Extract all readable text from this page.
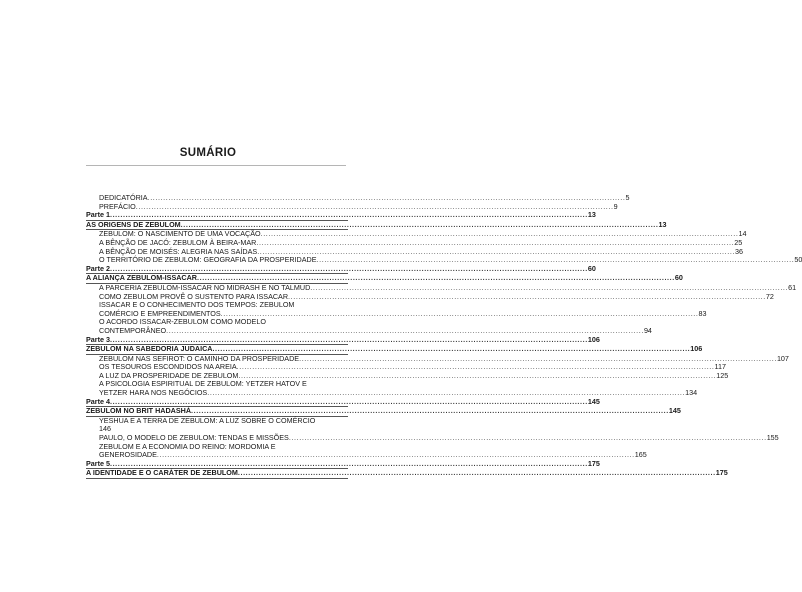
SUMÁRIO
DEDICATÓRIA .....	5
PREFÁCIO .....	9
Parte 1 .....	13
AS ORIGENS DE ZEBULOM .....	13
ZEBULOM: O NASCIMENTO DE UMA VOCAÇÃO .....	14
A BÊNÇÃO DE JACÓ: ZEBULOM À BEIRA-MAR .....	25
A BÊNÇÃO DE MOISÉS: ALEGRIA NAS SAÍDAS .....	36
O TERRITÓRIO DE ZEBULOM: GEOGRAFIA DA PROSPERIDADE .....	50
Parte 2 .....	60
A ALIANÇA ZEBULOM-ISSACAR .....	60
A PARCERIA ZEBULOM-ISSACAR NO MIDRASH E NO TALMUD .....	61
COMO ZEBULOM PROVÊ O SUSTENTO PARA ISSACAR .....	72
ISSACAR E O CONHECIMENTO DOS TEMPOS: ZEBULOM
COMÉRCIO E EMPREENDIMENTOS .....	83
O ACORDO ISSACAR-ZEBULOM COMO MODELO
CONTEMPORÂNEO .....	94
Parte 3 .....	106
ZEBULOM NA SABEDORIA JUDAICA .....	106
ZEBULOM NAS SEFIROT: O CAMINHO DA PROSPERIDADE .....	107
OS TESOUROS ESCONDIDOS NA AREIA .....	117
A LUZ DA PROSPERIDADE DE ZEBULOM .....	125
A PSICOLOGIA ESPIRITUAL DE ZEBULOM: YETZER HATOV E
YETZER HARA NOS NEGÓCIOS .....	134
Parte 4 .....	145
ZEBULOM NO BRIT HADASHÁ .....	145
YESHUA E A TERRA DE ZEBULOM: A LUZ SOBRE O COMÉRCIO
146
PAULO, O MODELO DE ZEBULOM: TENDAS E MISSÕES .....	155
ZEBULOM E A ECONOMIA DO REINO: MORDOMIA E
GENEROSIDADE .....	165
Parte 5 .....	175
A IDENTIDADE E O CARÁTER DE ZEBULOM .....	175
